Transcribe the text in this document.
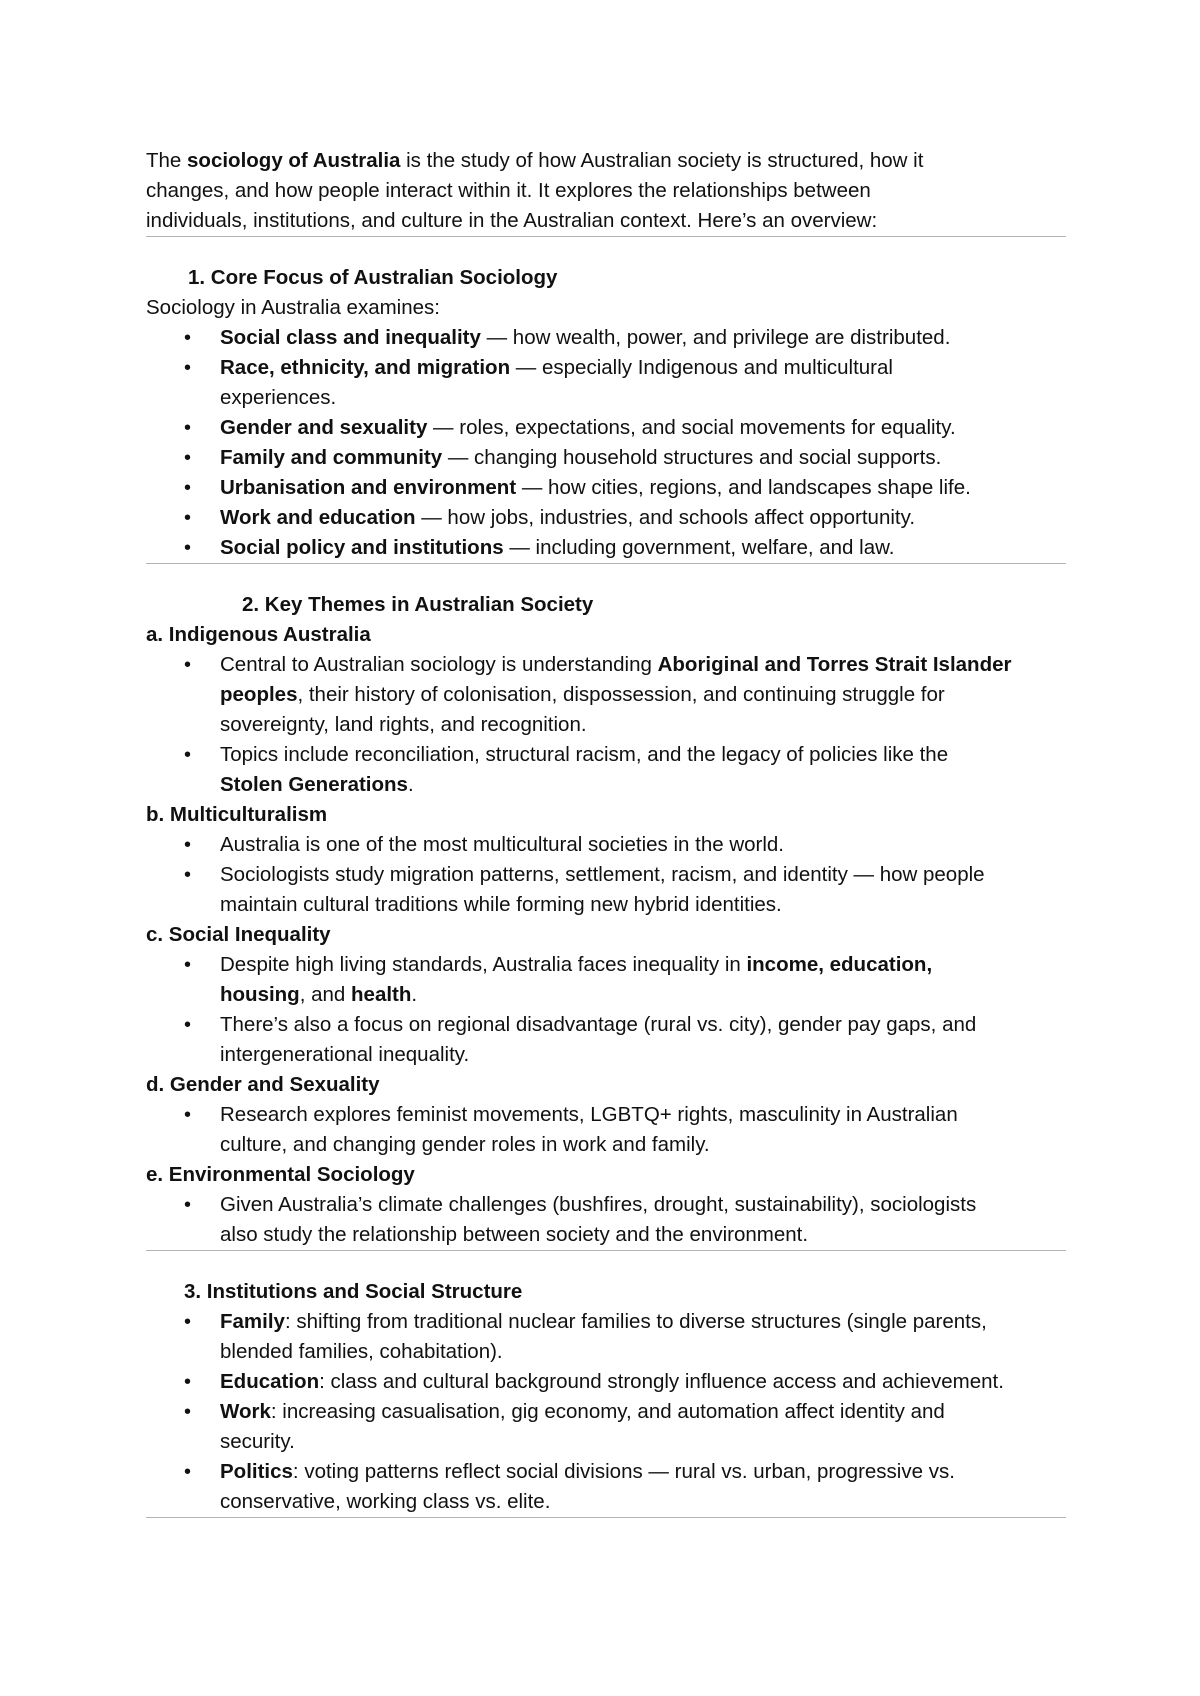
The sociology of Australia is the study of how Australian society is structured, how it
changes, and how people interact within it. It explores the relationships between
individuals, institutions, and culture in the Australian context. Here’s an overview:
1. Core Focus of Australian Sociology
Sociology in Australia examines:
• Social class and inequality — how wealth, power, and privilege are distributed.
• Race, ethnicity, and migration — especially Indigenous and multicultural
experiences.
• Gender and sexuality — roles, expectations, and social movements for equality.
• Family and community — changing household structures and social supports.
• Urbanisation and environment — how cities, regions, and landscapes shape life.
• Work and education — how jobs, industries, and schools affect opportunity.
• Social policy and institutions — including government, welfare, and law.
2. Key Themes in Australian Society
a. Indigenous Australia
• Central to Australian sociology is understanding Aboriginal and Torres Strait Islander
peoples, their history of colonisation, dispossession, and continuing struggle for
sovereignty, land rights, and recognition.
• Topics include reconciliation, structural racism, and the legacy of policies like the
Stolen Generations.
b. Multiculturalism
• Australia is one of the most multicultural societies in the world.
• Sociologists study migration patterns, settlement, racism, and identity — how people
maintain cultural traditions while forming new hybrid identities.
c. Social Inequality
• Despite high living standards, Australia faces inequality in income, education,
housing, and health.
• There’s also a focus on regional disadvantage (rural vs. city), gender pay gaps, and
intergenerational inequality.
d. Gender and Sexuality
• Research explores feminist movements, LGBTQ+ rights, masculinity in Australian
culture, and changing gender roles in work and family.
e. Environmental Sociology
• Given Australia’s climate challenges (bushfires, drought, sustainability), sociologists
also study the relationship between society and the environment.
3. Institutions and Social Structure
• Family: shifting from traditional nuclear families to diverse structures (single parents,
blended families, cohabitation).
• Education: class and cultural background strongly influence access and achievement.
• Work: increasing casualisation, gig economy, and automation affect identity and
security.
• Politics: voting patterns reflect social divisions — rural vs. urban, progressive vs.
conservative, working class vs. elite.
